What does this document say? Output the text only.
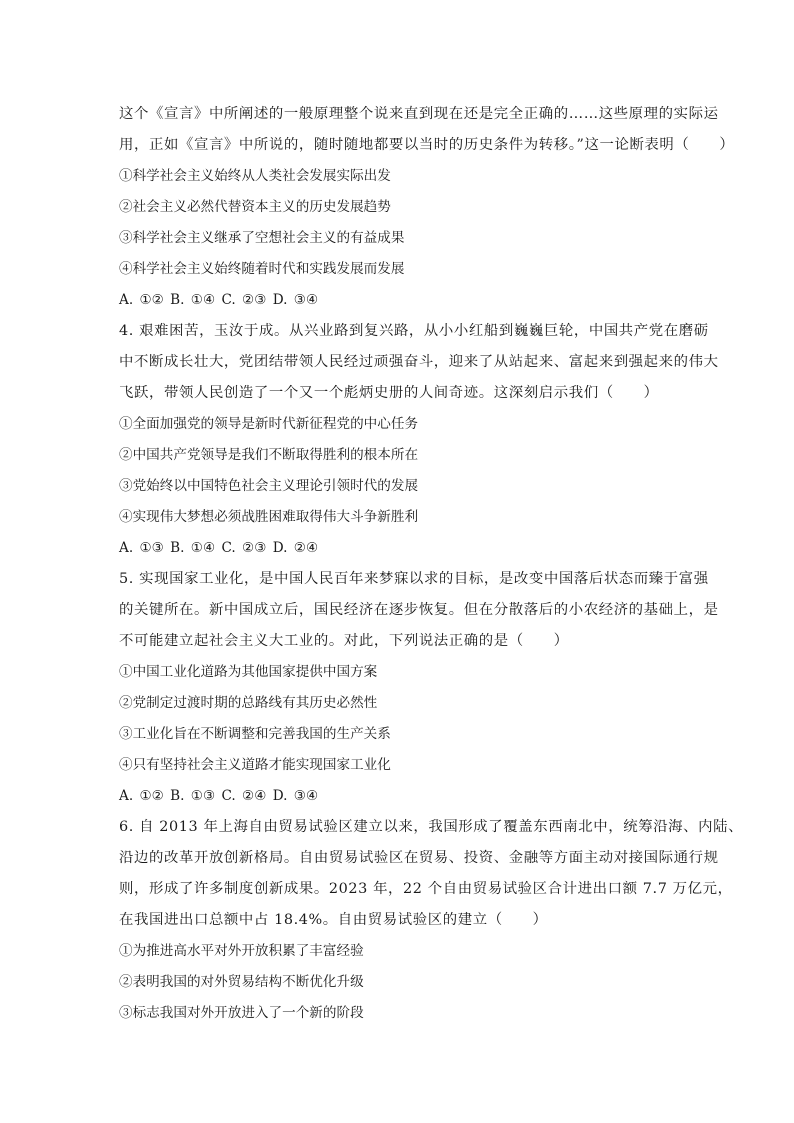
这个《宣言》中所阐述的一般原理整个说来直到现在还是完全正确的……这些原理的实际运
用，正如《宣言》中所说的，随时随地都要以当时的历史条件为转移。”这一论断表明（　　）
①科学社会主义始终从人类社会发展实际出发
②社会主义必然代替资本主义的历史发展趋势
③科学社会主义继承了空想社会主义的有益成果
④科学社会主义始终随着时代和实践发展而发展
A. ①② B. ①④ C. ②③ D. ③④
4. 艰难困苦，玉汝于成。从兴业路到复兴路，从小小红船到巍巍巨轮，中国共产党在磨砺
中不断成长壮大，党团结带领人民经过顽强奋斗，迎来了从站起来、富起来到强起来的伟大
飞跃，带领人民创造了一个又一个彪炳史册的人间奇迹。这深刻启示我们（　　）
①全面加强党的领导是新时代新征程党的中心任务
②中国共产党领导是我们不断取得胜利的根本所在
③党始终以中国特色社会主义理论引领时代的发展
④实现伟大梦想必须战胜困难取得伟大斗争新胜利
A. ①③ B. ①④ C. ②③ D. ②④
5. 实现国家工业化，是中国人民百年来梦寐以求的目标，是改变中国落后状态而臻于富强
的关键所在。新中国成立后，国民经济在逐步恢复。但在分散落后的小农经济的基础上，是
不可能建立起社会主义大工业的。对此，下列说法正确的是（　　）
①中国工业化道路为其他国家提供中国方案
②党制定过渡时期的总路线有其历史必然性
③工业化旨在不断调整和完善我国的生产关系
④只有坚持社会主义道路才能实现国家工业化
A. ①② B. ①③ C. ②④ D. ③④
6. 自 2013 年上海自由贸易试验区建立以来，我国形成了覆盖东西南北中，统筹沿海、内陆、
沿边的改革开放创新格局。自由贸易试验区在贸易、投资、金融等方面主动对接国际通行规
则，形成了许多制度创新成果。2023 年，22 个自由贸易试验区合计进出口额 7.7 万亿元，
在我国进出口总额中占 18.4%。自由贸易试验区的建立（　　）
①为推进高水平对外开放积累了丰富经验
②表明我国的对外贸易结构不断优化升级
③标志我国对外开放进入了一个新的阶段
